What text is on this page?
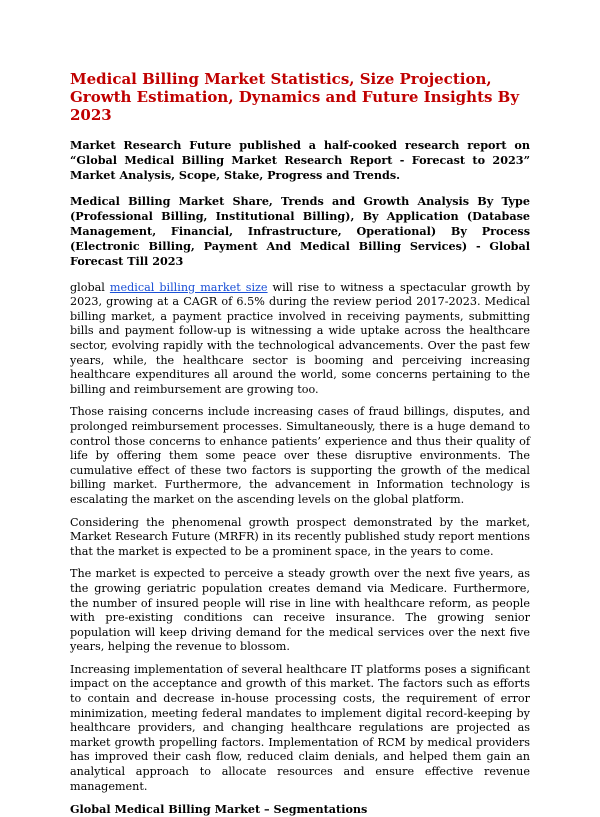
Medical Billing Market Statistics, Size Projection, Growth Estimation, Dynamics and Future Insights By 2023

Market Research Future published a half-cooked research report on “Global Medical Billing Market Research Report - Forecast to 2023” Market Analysis, Scope, Stake, Progress and Trends.

Medical Billing Market Share, Trends and Growth Analysis By Type (Professional Billing, Institutional Billing), By Application (Database Management, Financial, Infrastructure, Operational) By Process (Electronic Billing, Payment And Medical Billing Services) - Global Forecast Till 2023

global medical billing market size will rise to witness a spectacular growth by 2023, growing at a CAGR of 6.5% during the review period 2017-2023. Medical billing market, a payment practice involved in receiving payments, submitting bills and payment follow-up is witnessing a wide uptake across the healthcare sector, evolving rapidly with the technological advancements. Over the past few years, while, the healthcare sector is booming and perceiving increasing healthcare expenditures all around the world, some concerns pertaining to the billing and reimbursement are growing too.

Those raising concerns include increasing cases of fraud billings, disputes, and prolonged reimbursement processes. Simultaneously, there is a huge demand to control those concerns to enhance patients’ experience and thus their quality of life by offering them some peace over these disruptive environments. The cumulative effect of these two factors is supporting the growth of the medical billing market. Furthermore, the advancement in Information technology is escalating the market on the ascending levels on the global platform.

Considering the phenomenal growth prospect demonstrated by the market, Market Research Future (MRFR) in its recently published study report mentions that the market is expected to be a prominent space, in the years to come.

The market is expected to perceive a steady growth over the next five years, as the growing geriatric population creates demand via Medicare. Furthermore, the number of insured people will rise in line with healthcare reform, as people with pre-existing conditions can receive insurance. The growing senior population will keep driving demand for the medical services over the next five years, helping the revenue to blossom.

Increasing implementation of several healthcare IT platforms poses a significant impact on the acceptance and growth of this market. The factors such as efforts to contain and decrease in-house processing costs, the requirement of error minimization, meeting federal mandates to implement digital record-keeping by healthcare providers, and changing healthcare regulations are projected as market growth propelling factors. Implementation of RCM by medical providers has improved their cash flow, reduced claim denials, and helped them gain an analytical approach to allocate resources and ensure effective revenue management.

Global Medical Billing Market – Segmentations
